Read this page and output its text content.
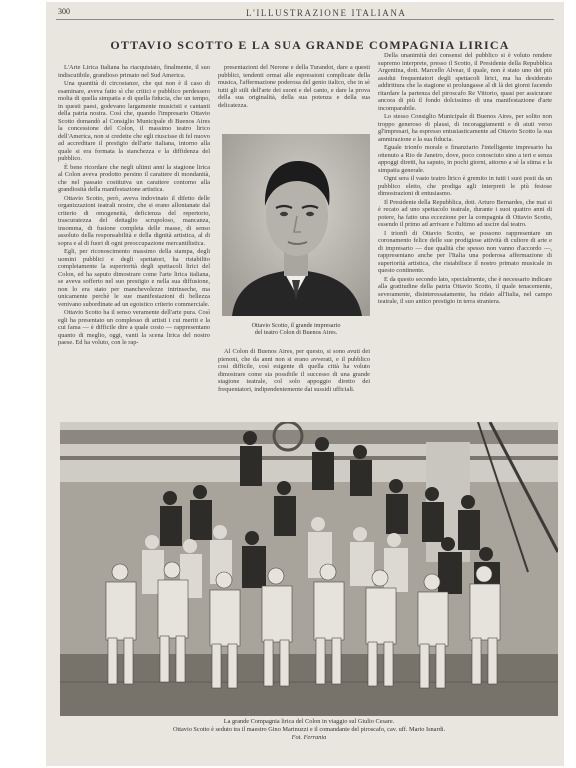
300	L'ILLUSTRAZIONE ITALIANA
OTTAVIO SCOTTO E LA SUA GRANDE COMPAGNIA LIRICA

L'Arte Lirica Italiana ha riacquistato, finalmente, il suo indiscutibile, grandioso primato nel Sud America.

Una quantità di circostanze, che qui non è il caso di esaminare, aveva fatto sì che critici e pubblico perdessero molta di quella simpatia e di quella fiducia, che un tempo, in questi paesi, godevano largamente musicisti e cantanti della patria nostra. Così che, quando l'impresario Ottavio Scotto domandò al Consiglio Municipale di Buenos Aires la concessione del Colon, il massimo teatro lirico dell'America, non si credette che egli riuscisse di fel nuovo ad accreditare il prestigio dell'arte italiana, intorno alla quale si era formata la stanchezza e la diffidenza del pubblico.

È bene ricordare che negli ultimi anni la stagione lirica al Colon aveva prodotto persino il carattere di mondanità, che nel passato costituiva un carattere contorno alla grandiosità della manifestazione artistica.

Ottavio Scotto, però, aveva indovinato il difetto delle organizzazioni teatrali nostre, che si erano allontanate dal criterio di omogeneità, deficienza del repertorio, trascuratezza del dettaglio scrupoloso, mancanza, insomma, di fusione completa delle masse, di senso assoluto della responsabilità e della dignità artistica, al di sopra e al di fuori di ogni preoccupazione mercantilistica.

Egli, per riconoscimento massimo della stampa, degli uomini pubblici e degli spettatori, ha ristabilito completamente la superiorità degli spettacoli lirici del Colon, ed ha saputo dimostrare come l'arte lirica italiana, se aveva sofferto nel suo prestigio e nella sua diffusione, non lo era stato per manchevolezze intrinseche, ma unicamente perchè le sue manifestazioni di bellezza venivano subordinate ad un egoistico criterio commerciale.

Ottavio Scotto ha il senso veramente dell'arte pura. Così egli ha presentato un complesso di artisti i cui meriti e la cui fama — è difficile dire a quale costo — rappresentano quanto di meglio, oggi, vanti la scena lirica del nostro paese. Ed ha voluto, con le rap-

presentazioni del Nerone e della Turandot, dare a questi pubblici, tendenti ormai alle espressioni complicate della musica, l'affermazione poderosa del genio italico, che in sè tutti gli stili dell'arte dei suoni e del canto, e dare la prova della sua originalità, della sua potenza e della sua delicatezza.

Ottavio Scotto, il grande impresario
del teatro Colon di Buenos Aires.

Al Colon di Buenos Aires, per questo, si sono avuti dei pienoni, che da anni non si erano avverati, e il pubblico così difficile, così esigente di quella città ha voluto dimostrare come sia possibile il successo di una grande stagione teatrale, col solo appoggio diretto dei frequentatori, indipendentemente dai sussidi ufficiali.

Della unanimità dei consensi del pubblico si è voluto rendere supremo interprete, presso il Scotto, il Presidente della Repubblica Argentina, dott. Marcello Alvear, il quale, non è stato uno dei più assidui frequentatori degli spettacoli lirici, ma ha desiderato addirittura che la stagione si prolungasse al di là dei giorni facendo ritardare la partenza del piroscafo Re Vittorio, quasi per assicurare ancora di più il fondo dolcissimo di una manifestazione d'arte incomparabile.

Lo stesso Consiglio Municipale di Buenos Aires, per solito non troppo generoso di plausi, di incoraggiamenti e di aiuti verso gl'impresari, ha espresso entusiasticamente ad Ottavio Scotto la sua ammirazione e la sua fiducia.

Eguale trionfo morale e finanziario l'intelligente impresario ha ottenuto a Rio de Janeiro, dove, poco conosciuto sino a ieri e senza appoggi diretti, ha saputo, in pochi giorni, attorno a sè la stima e la simpatia generale.

Ogni sera il vasto teatro lirico è gremito in tutti i suoi posti da un pubblico eletto, che prodiga agli interpreti le più festose dimostrazioni di entusiasmo.

Il Presidente della Repubblica, dott. Arturo Bernardes, che mai si è recato ad uno spettacolo teatrale, durante i suoi quattro anni di potere, ha fatto una eccezione per la compagnia di Ottavio Scotto, essendo il primo ad arrivare e l'ultimo ad uscire dal teatro.

I trionfi di Ottavio Scotto, se possono rappresentare un coronamento felice delle sue prodigiose attività di cultore di arte e di impresario — due qualità che spesso non vanno d'accordo —, rappresentano anche per l'Italia una poderosa affermazione di superiorità artistica, che ristabilisce il nostro primato musicale in questo continente.

E da questo secondo lato, specialmente, che è necessario indicare alla gratitudine della patria Ottavio Scotto, il quale tenacemente, severamente, disinteressatamente, ha ridato all'Italia, nel campo teatrale, il suo antico prestigio in terra straniera.

La grande Compagnia lirica del Colon in viaggio sul Giulio Cesare.
Ottavio Scotto è seduto tra il maestro Gino Marinuzzi e il comandante del piroscafo, cav. uff. Mario Isnardi.
Fot. Ferrania
